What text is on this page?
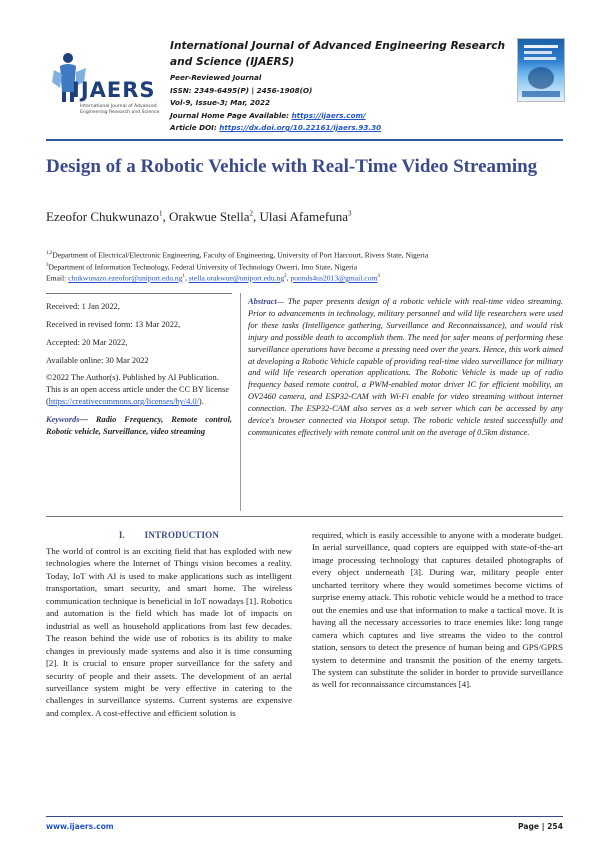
IJAERS
International Journal of Advanced
Engineering Research and Science
International Journal of Advanced Engineering Research and Science (IJAERS)
Peer-Reviewed Journal
ISSN: 2349-6495(P) | 2456-1908(O)
Vol-9, Issue-3; Mar, 2022
Journal Home Page Available: https://ijaers.com/
Article DOI: https://dx.doi.org/10.22161/ijaers.93.30
Design of a Robotic Vehicle with Real-Time Video Streaming
Ezeofor Chukwunazo$^1$, Orakwue Stella$^2$, Ulasi Afamefuna$^3$
$^{1,2}$Department of Electrical/Electronic Engineering, Faculty of Engineering, University of Port Harcourt, Rivers State, Nigeria
$^3$Department of Information Technology, Federal University of Technology Owerri, Imo State, Nigeria
Email: $chukwunazo.ezeofor@uniport.edu.ng^1$, $stella.orakwue@uniport.edu.ng^2$, pounds4us2013@gmail.com$^3$
Received: 1 Jan 2022,
Received in revised form: 13 Mar 2022,
Accepted: 20 Mar 2022,
Available online: 30 Mar 2022
©2022 The Author(s). Published by AI Publication. This is an open access article under the CC BY license
(https://creativecommons.org/licenses/by/4.0/).
Keywords— Radio Frequency, Remote control, Robotic vehicle, Surveillance, video streaming
Abstract— The paper presents design of a robotic vehicle with real-time video streaming. Prior to advancements in technology, military personnel and wild life researchers were used for these tasks (Intelligence gathering, Surveillance and Reconnaissance), and would risk injury and possible death to accomplish them. The need for safer means of performing these surveillance operations have become a pressing need over the years. Hence, this work aimed at developing a Robotic Vehicle capable of providing real-time video surveillance for military and wild life research operation applications. The Robotic Vehicle is made up of radio frequency based remote control, a PWM-enabled motor driver IC for efficient mobility, an OV2460 camera, and ESP32-CAM with Wi-Fi enable for video streaming without internet connection. The ESP32-CAM also serves as a web server which can be accessed by any device's browser connected via Hotspot setup. The robotic vehicle tested successfully and communicates effectively with remote control unit on the average of 0.5km distance.
I.        INTRODUCTION
The world of control is an exciting field that has exploded with new technologies where the Internet of Things vision becomes a reality. Today, IoT with AI is used to make applications such as intelligent transportation, smart security, and smart home. The wireless communication technique is beneficial in IoT nowadays [1]. Robotics and automation is the field which has made lot of impacts on industrial as well as household applications from last few decades. The reason behind the wide use of robotics is its ability to make changes in previously made systems and also it is time consuming [2]. It is crucial to ensure proper surveillance for the safety and security of people and their assets. The development of an aerial surveillance system might be very effective in catering to the challenges in surveillance systems. Current systems are expensive and complex. A cost-effective and efficient solution is
required, which is easily accessible to anyone with a moderate budget. In aerial surveillance, quad copters are equipped with state-of-the-art image processing technology that captures detailed photographs of every object underneath [3]. During war, military people enter uncharted territory where they would sometimes become victims of surprise enemy attack. This robotic vehicle would be a method to trace out the enemies and use that information to make a tactical move. It is having all the necessary accessories to trace enemies like: long range camera which captures and live streams the video to the control station, sensors to detect the presence of human being and GPS/GPRS system to determine and transmit the position of the enemy targets. The system can substitute the solider in border to provide surveillance as well for reconnaissance circumstances [4].
www.ijaers.com	Page | 254
